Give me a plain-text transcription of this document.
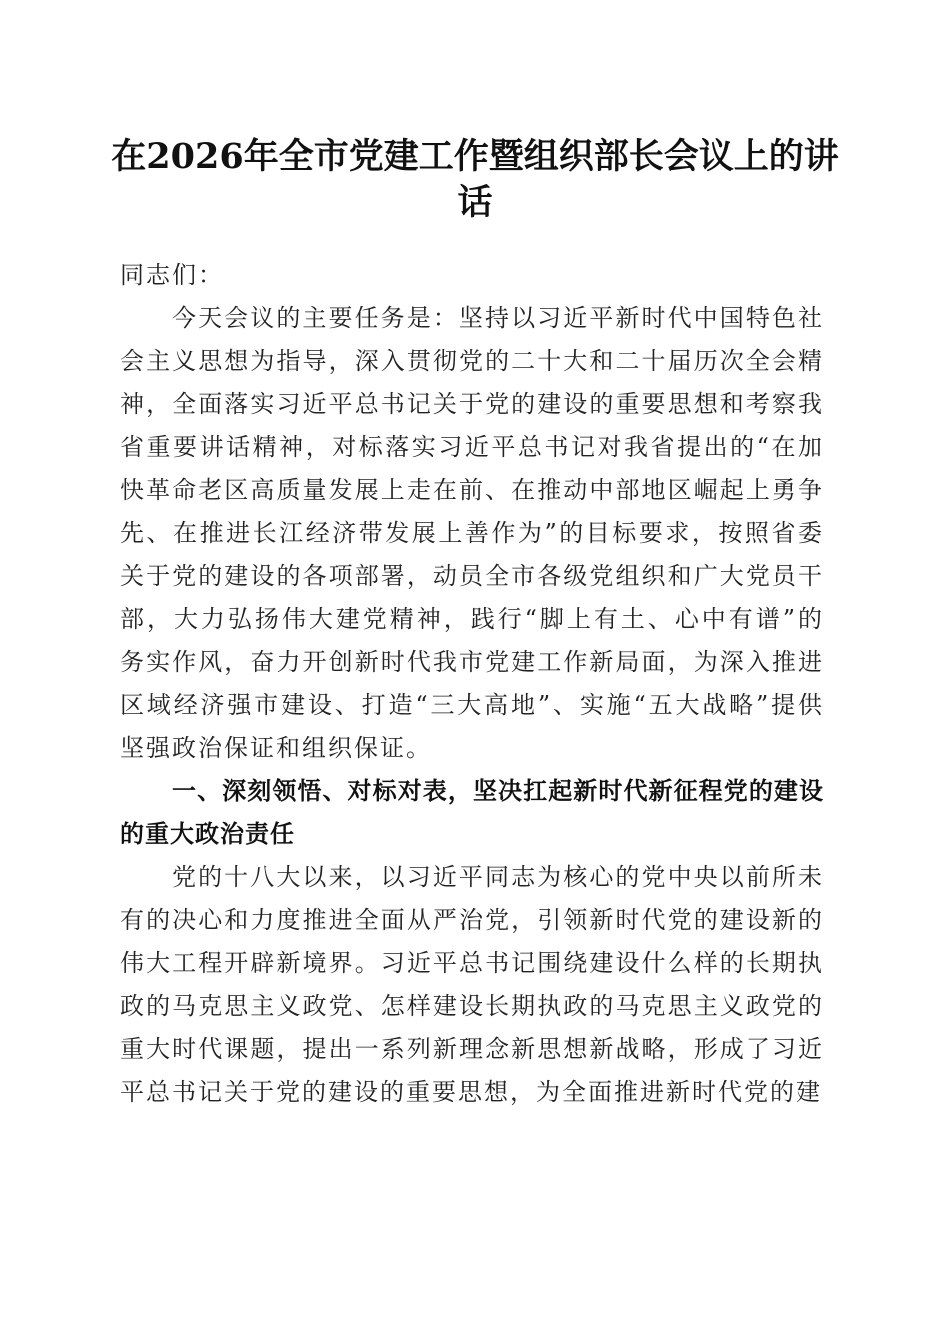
在2026年全市党建工作暨组织部长会议上的讲话

同志们：

今天会议的主要任务是：坚持以习近平新时代中国特色社会主义思想为指导，深入贯彻党的二十大和二十届历次全会精神，全面落实习近平总书记关于党的建设的重要思想和考察我省重要讲话精神，对标落实习近平总书记对我省提出的“在加快革命老区高质量发展上走在前、在推动中部地区崛起上勇争先、在推进长江经济带发展上善作为”的目标要求，按照省委关于党的建设的各项部署，动员全市各级党组织和广大党员干部，大力弘扬伟大建党精神，践行“脚上有土、心中有谱”的务实作风，奋力开创新时代我市党建工作新局面，为深入推进区域经济强市建设、打造“三大高地”、实施“五大战略”提供坚强政治保证和组织保证。

一、深刻领悟、对标对表，坚决扛起新时代新征程党的建设的重大政治责任

党的十八大以来，以习近平同志为核心的党中央以前所未有的决心和力度推进全面从严治党，引领新时代党的建设新的伟大工程开辟新境界。习近平总书记围绕建设什么样的长期执政的马克思主义政党、怎样建设长期执政的马克思主义政党的重大时代课题，提出一系列新理念新思想新战略，形成了习近平总书记关于党的建设的重要思想，为全面推进新时代党的建
